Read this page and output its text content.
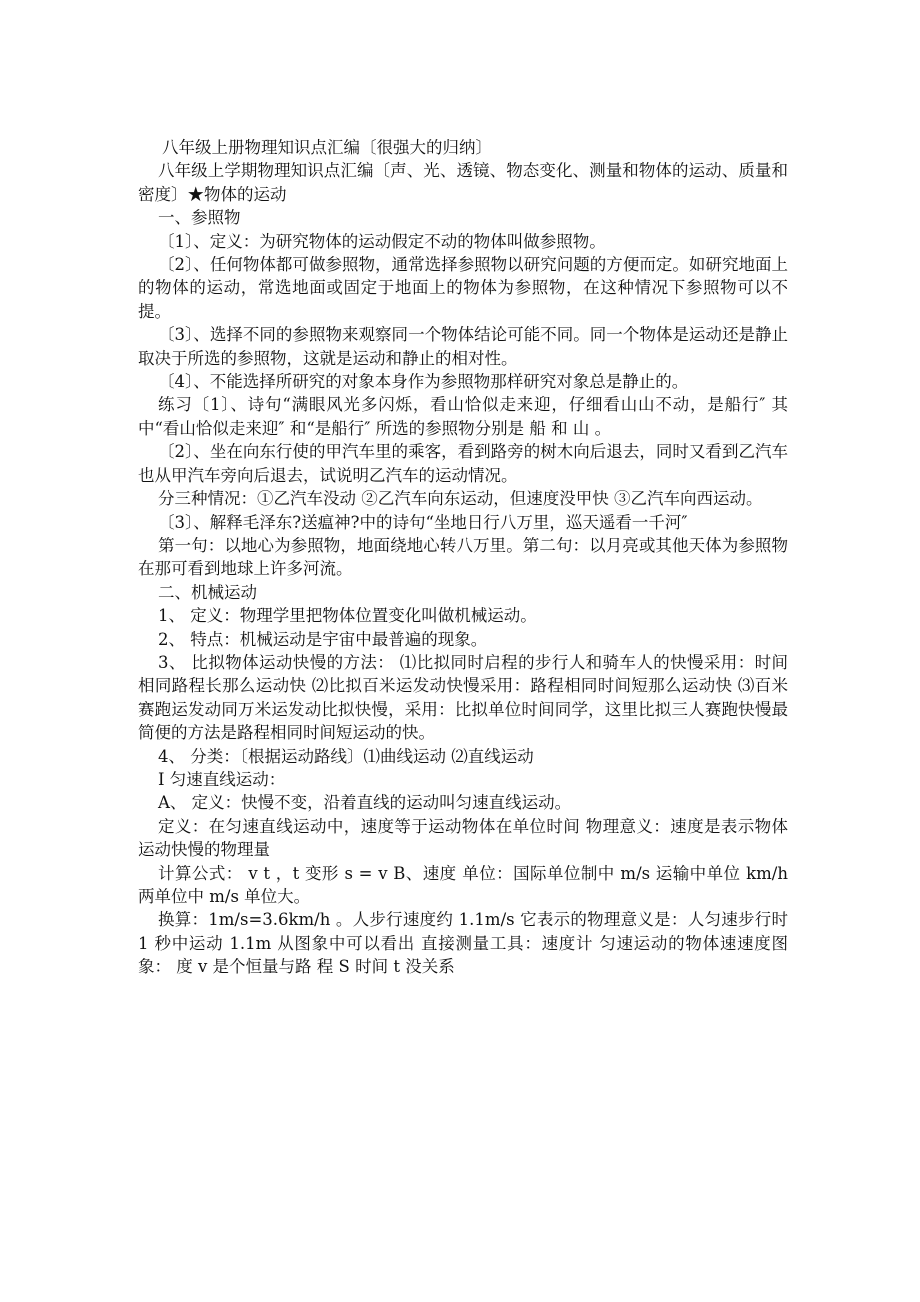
八年级上册物理知识点汇编〔很强大的归纳〕

八年级上学期物理知识点汇编〔声、光、透镜、物态变化、测量和物体的运动、质量和密度〕★物体的运动

一、参照物

〔1〕、定义：为研究物体的运动假定不动的物体叫做参照物。

〔2〕、任何物体都可做参照物，通常选择参照物以研究问题的方便而定。如研究地面上的物体的运动，常选地面或固定于地面上的物体为参照物，在这种情况下参照物可以不提。

〔3〕、选择不同的参照物来观察同一个物体结论可能不同。同一个物体是运动还是静止取决于所选的参照物，这就是运动和静止的相对性。

〔4〕、不能选择所研究的对象本身作为参照物那样研究对象总是静止的。

练习〔1〕、诗句“满眼风光多闪烁，看山恰似走来迎，仔细看山山不动，是船行″ 其中“看山恰似走来迎″ 和“是船行″ 所选的参照物分别是 船 和 山 。

〔2〕、坐在向东行使的甲汽车里的乘客，看到路旁的树木向后退去，同时又看到乙汽车也从甲汽车旁向后退去，试说明乙汽车的运动情况。

分三种情况：①乙汽车没动 ②乙汽车向东运动，但速度没甲快 ③乙汽车向西运动。

〔3〕、解释毛泽东?送瘟神?中的诗句“坐地日行八万里，巡天遥看一千河″

第一句：以地心为参照物，地面绕地心转八万里。第二句：以月亮或其他天体为参照物在那可看到地球上许多河流。

二、机械运动

1、 定义：物理学里把物体位置变化叫做机械运动。

2、 特点：机械运动是宇宙中最普遍的现象。

3、 比拟物体运动快慢的方法： ⑴比拟同时启程的步行人和骑车人的快慢采用：时间相同路程长那么运动快 ⑵比拟百米运发动快慢采用：路程相同时间短那么运动快 ⑶百米赛跑运发动同万米运发动比拟快慢，采用：比拟单位时间同学，这里比拟三人赛跑快慢最简便的方法是路程相同时间短运动的快。

4、 分类：〔根据运动路线〕⑴曲线运动 ⑵直线运动

Ⅰ 匀速直线运动：

A、 定义：快慢不变，沿着直线的运动叫匀速直线运动。

定义：在匀速直线运动中，速度等于运动物体在单位时间 物理意义：速度是表示物体运动快慢的物理量

计算公式： v t ，t 变形 s = v B、速度 单位：国际单位制中 m/s 运输中单位 km/h 两单位中 m/s 单位大。

换算：1m/s=3.6km/h 。人步行速度约 1.1m/s 它表示的物理意义是：人匀速步行时 1 秒中运动 1.1m 从图象中可以看出 直接测量工具：速度计 匀速运动的物体速速度图象： 度 v 是个恒量与路 程 S 时间 t 没关系
